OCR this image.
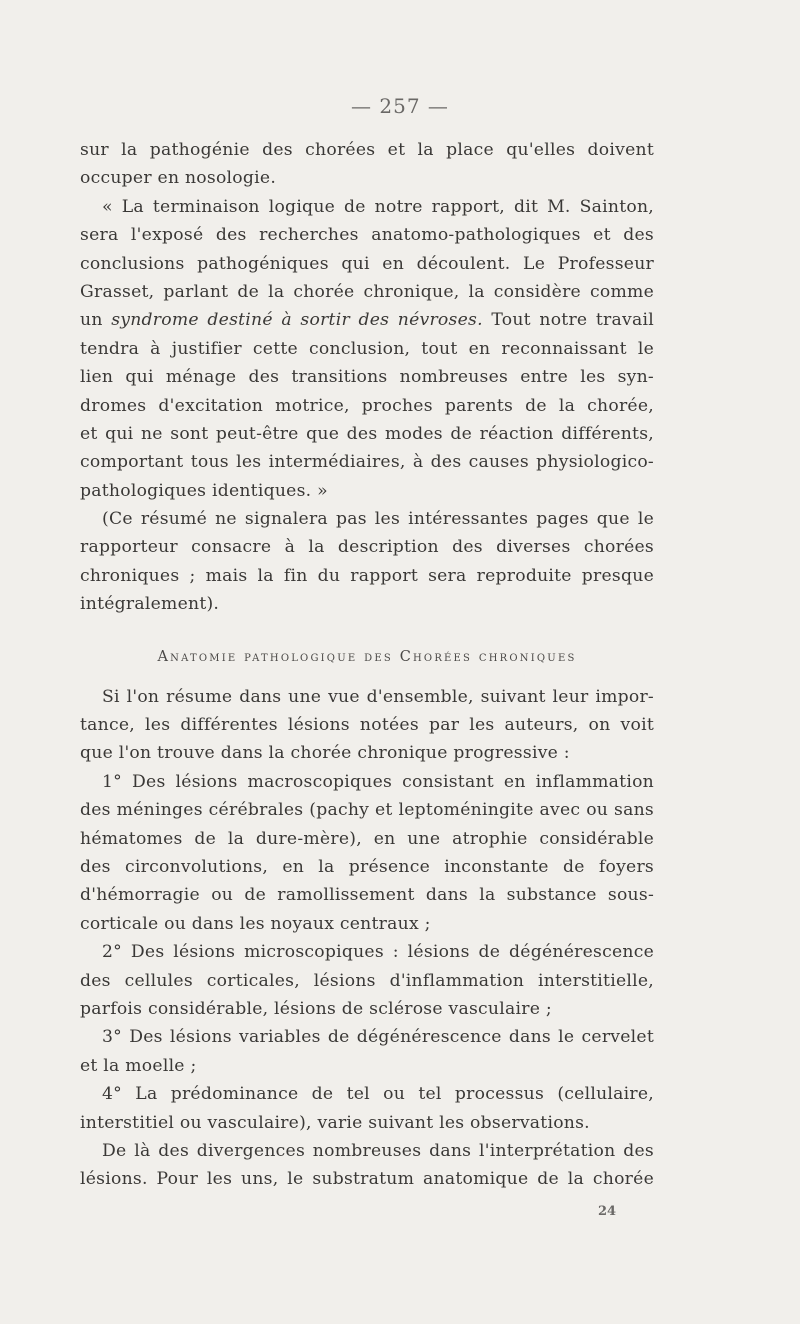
— 257 —
sur la pathogénie des chorées et la place qu'elles doivent
occuper en nosologie.
« La terminaison logique de notre rapport, dit M. Sainton,
sera l'exposé des recherches anatomo-pathologiques et des
conclusions pathogéniques qui en découlent. Le Professeur
Grasset, parlant de la chorée chronique, la considère comme
un syndrome destiné à sortir des névroses. Tout notre travail
tendra à justifier cette conclusion, tout en reconnaissant le
lien qui ménage des transitions nombreuses entre les syn-
dromes d'excitation motrice, proches parents de la chorée,
et qui ne sont peut-être que des modes de réaction différents,
comportant tous les intermédiaires, à des causes physiologico-
pathologiques identiques. »
(Ce résumé ne signalera pas les intéressantes pages que le
rapporteur consacre à la description des diverses chorées
chroniques ; mais la fin du rapport sera reproduite presque
intégralement).
Anatomie pathologique des Chorées chroniques
Si l'on résume dans une vue d'ensemble, suivant leur impor-
tance, les différentes lésions notées par les auteurs, on voit
que l'on trouve dans la chorée chronique progressive :
1° Des lésions macroscopiques consistant en inflammation
des méninges cérébrales (pachy et leptoméningite avec ou sans
hématomes de la dure-mère), en une atrophie considérable
des circonvolutions, en la présence inconstante de foyers
d'hémorragie ou de ramollissement dans la substance sous-
corticale ou dans les noyaux centraux ;
2° Des lésions microscopiques : lésions de dégénérescence
des cellules corticales, lésions d'inflammation interstitielle,
parfois considérable, lésions de sclérose vasculaire ;
3° Des lésions variables de dégénérescence dans le cervelet
et la moelle ;
4° La prédominance de tel ou tel processus (cellulaire,
interstitiel ou vasculaire), varie suivant les observations.
De là des divergences nombreuses dans l'interprétation des
lésions. Pour les uns, le substratum anatomique de la chorée
24
